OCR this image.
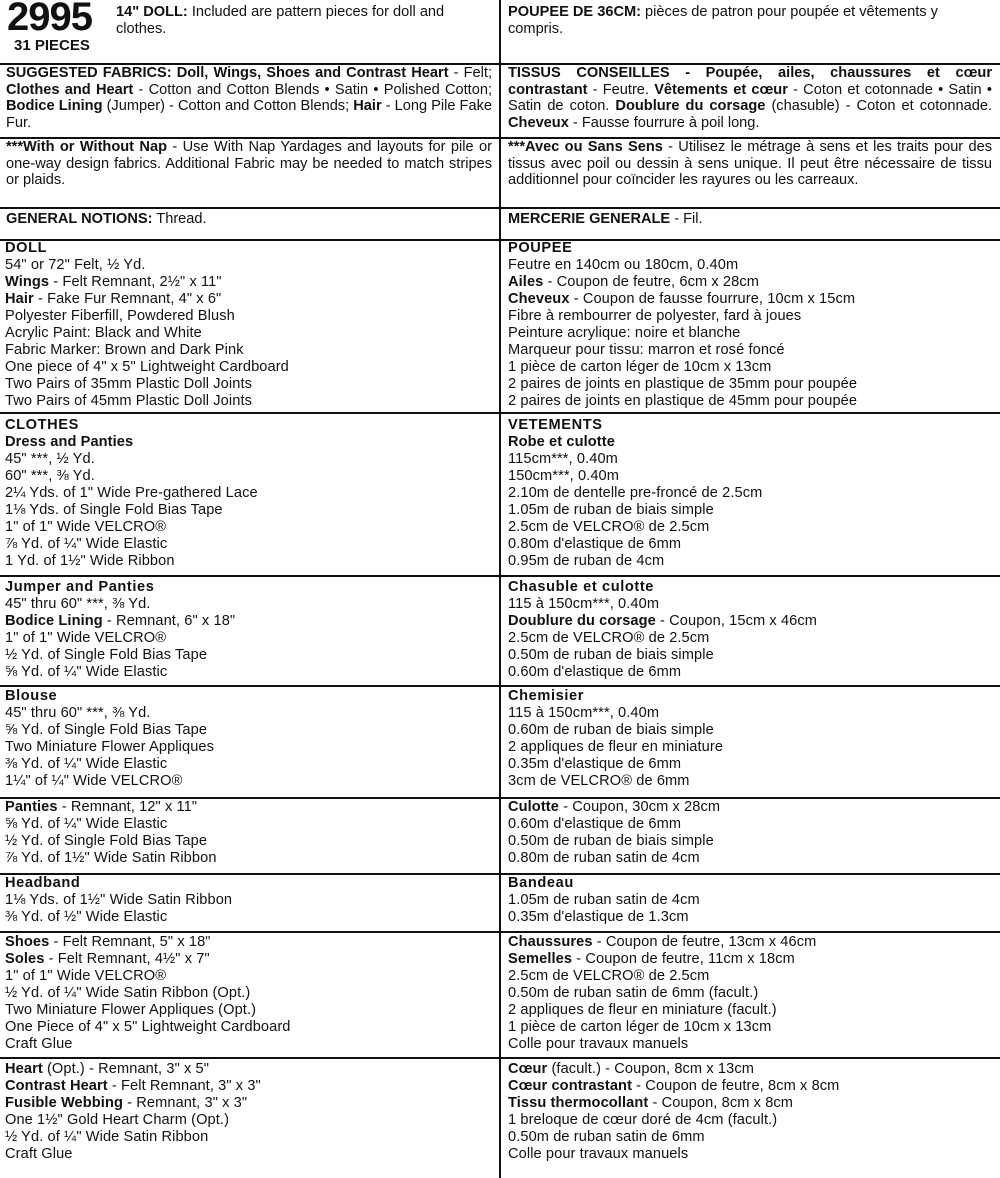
2995
31 PIECES
14" DOLL: Included are pattern pieces for doll and clothes.
SUGGESTED FABRICS: Doll, Wings, Shoes and Contrast Heart - Felt; Clothes and Heart - Cotton and Cotton Blends • Satin • Polished Cotton; Bodice Lining (Jumper) - Cotton and Cotton Blends; Hair - Long Pile Fake Fur.
***With or Without Nap - Use With Nap Yardages and layouts for pile or one-way design fabrics. Additional Fabric may be needed to match stripes or plaids.
GENERAL NOTIONS: Thread.
DOLL
54" or 72" Felt, ½ Yd.
Wings - Felt Remnant, 2½" x 11"
Hair - Fake Fur Remnant, 4" x 6"
Polyester Fiberfill, Powdered Blush
Acrylic Paint: Black and White
Fabric Marker: Brown and Dark Pink
One piece of 4" x 5" Lightweight Cardboard
Two Pairs of 35mm Plastic Doll Joints
Two Pairs of 45mm Plastic Doll Joints
CLOTHES
Dress and Panties
45" ***, ½ Yd.
60" ***, ⅜ Yd.
2¼ Yds. of 1" Wide Pre-gathered Lace
1⅛ Yds. of Single Fold Bias Tape
1" of 1" Wide VELCRO®
⅞ Yd. of ¼" Wide Elastic
1 Yd. of 1½" Wide Ribbon
Jumper and Panties
45" thru 60" ***, ⅜ Yd.
Bodice Lining - Remnant, 6" x 18"
1" of 1" Wide VELCRO®
½ Yd. of Single Fold Bias Tape
⅝ Yd. of ¼" Wide Elastic
Blouse
45" thru 60" ***, ⅜ Yd.
⅝ Yd. of Single Fold Bias Tape
Two Miniature Flower Appliques
⅜ Yd. of ¼" Wide Elastic
1¼" of ¼" Wide VELCRO®
Panties - Remnant, 12" x 11"
⅝ Yd. of ¼" Wide Elastic
½ Yd. of Single Fold Bias Tape
⅞ Yd. of 1½" Wide Satin Ribbon
Headband
1⅛ Yds. of 1½" Wide Satin Ribbon
⅜ Yd. of ½" Wide Elastic
Shoes - Felt Remnant, 5" x 18"
Soles - Felt Remnant, 4½" x 7"
1" of 1" Wide VELCRO®
½ Yd. of ¼" Wide Satin Ribbon (Opt.)
Two Miniature Flower Appliques (Opt.)
One Piece of 4" x 5" Lightweight Cardboard
Craft Glue
Heart (Opt.) - Remnant, 3" x 5"
Contrast Heart - Felt Remnant, 3" x 3"
Fusible Webbing - Remnant, 3" x 3"
One 1½" Gold Heart Charm (Opt.)
½ Yd. of ¼" Wide Satin Ribbon
Craft Glue
POUPEE DE 36CM: pièces de patron pour poupée et vêtements y compris.
TISSUS CONSEILLES - Poupée, ailes, chaussures et cœur contrastant - Feutre. Vêtements et cœur - Coton et cotonnade • Satin • Satin de coton. Doublure du corsage (chasuble) - Coton et cotonnade. Cheveux - Fausse fourrure à poil long.
***Avec ou Sans Sens - Utilisez le métrage à sens et les traits pour des tissus avec poil ou dessin à sens unique. Il peut être nécessaire de tissu additionnel pour coïncider les rayures ou les carreaux.
MERCERIE GENERALE - Fil.
POUPEE
Feutre en 140cm ou 180cm, 0.40m
Ailes - Coupon de feutre, 6cm x 28cm
Cheveux - Coupon de fausse fourrure, 10cm x 15cm
Fibre à rembourrer de polyester, fard à joues
Peinture acrylique: noire et blanche
Marqueur pour tissu: marron et rosé foncé
1 pièce de carton léger de 10cm x 13cm
2 paires de joints en plastique de 35mm pour poupée
2 paires de joints en plastique de 45mm pour poupée
VETEMENTS
Robe et culotte
115cm***, 0.40m
150cm***, 0.40m
2.10m de dentelle pre-froncé de 2.5cm
1.05m de ruban de biais simple
2.5cm de VELCRO® de 2.5cm
0.80m d'elastique de 6mm
0.95m de ruban de 4cm
Chasuble et culotte
115 à 150cm***, 0.40m
Doublure du corsage - Coupon, 15cm x 46cm
2.5cm de VELCRO® de 2.5cm
0.50m de ruban de biais simple
0.60m d'elastique de 6mm
Chemisier
115 à 150cm***, 0.40m
0.60m de ruban de biais simple
2 appliques de fleur en miniature
0.35m d'elastique de 6mm
3cm de VELCRO® de 6mm
Culotte - Coupon, 30cm x 28cm
0.60m d'elastique de 6mm
0.50m de ruban de biais simple
0.80m de ruban satin de 4cm
Bandeau
1.05m de ruban satin de 4cm
0.35m d'elastique de 1.3cm
Chaussures - Coupon de feutre, 13cm x 46cm
Semelles - Coupon de feutre, 11cm x 18cm
2.5cm de VELCRO® de 2.5cm
0.50m de ruban satin de 6mm (facult.)
2 appliques de fleur en miniature (facult.)
1 pièce de carton léger de 10cm x 13cm
Colle pour travaux manuels
Cœur (facult.) - Coupon, 8cm x 13cm
Cœur contrastant - Coupon de feutre, 8cm x 8cm
Tissu thermocollant - Coupon, 8cm x 8cm
1 breloque de cœur doré de 4cm (facult.)
0.50m de ruban satin de 6mm
Colle pour travaux manuels
